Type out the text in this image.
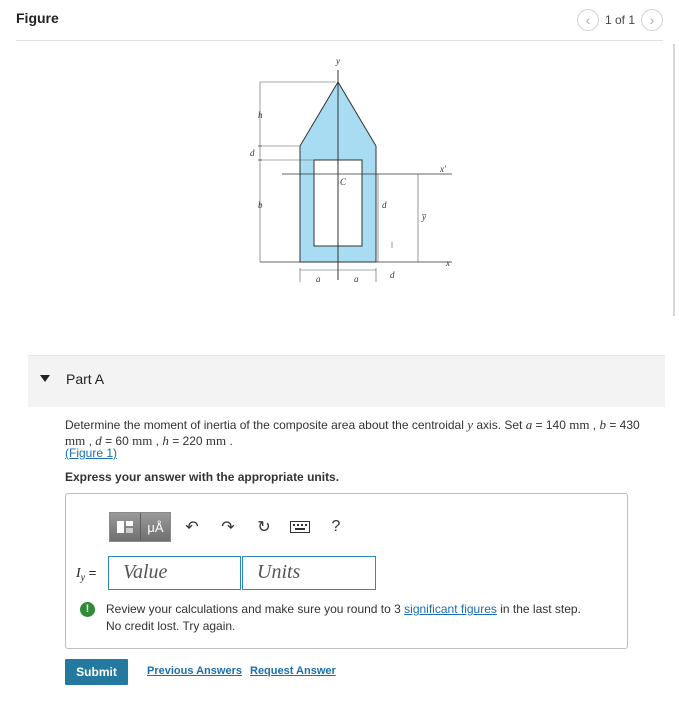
Figure	‹	1 of 1	›
y
h
d
b
C
x'
d
y̅
x
a	a	d
Part A
Determine the moment of inertia of the composite area about the centroidal y axis. Set a = 140 mm , b = 430
mm , d = 60 mm , h = 220 mm .
(Figure 1)
Express your answer with the appropriate units.
μÅ	↶	↷	↻	?
$I_y$ =	Value	Units
!	Review your calculations and make sure you round to 3 significant figures in the last step.
No credit lost. Try again.
Submit	Previous Answers Request Answer
